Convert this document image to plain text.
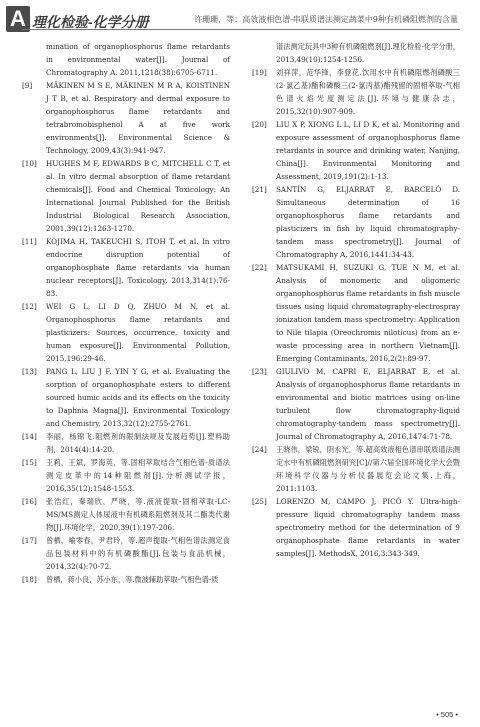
A 理化检验-化学分册	许珊珊，等：高效液相色谱-串联质谱法测定蔬菜中9种有机磷阻燃剂的含量
mination of organophosphorus flame retardants in environmental water[J]. Journal of Chromatography A, 2011,1218(38):6705-6711.
[9]	MÄKINEN M S E, MÄKINEN M R A, KOISTINEN J T B, et al. Respiratory and dermal exposure to organophosphorus flame retardants and tetrabromobisphenol A at five work environments[J]. Environmental Science & Technology, 2009,43(3):941-947.
[10]	HUGHES M F, EDWARDS B C, MITCHELL C T, et al. In vitro dermal absorption of flame retardant chemicals[J]. Food and Chemical Toxicology: An International Journal Published for the British Industrial Biological Research Association, 2001,39(12):1263-1270.
[11]	KOJIMA H, TAKEUCHI S, ITOH T, et al. In vitro endocrine disruption potential of organophosphate flame retardants via human nuclear receptors[J]. Toxicology, 2013,314(1):76-83.
[12]	WEI G L, LI D Q, ZHUO M N, et al. Organophosphorus flame retardants and plasticizers: Sources, occurrence, toxicity and human exposure[J]. Environmental Pollution, 2015,196:29-46.
[13]	PANG L, LIU J F, YIN Y G, et al. Evaluating the sorption of organophosphate esters to different sourced humic acids and its effects on the toxicity to Daphnia Magna[J]. Environmental Toxicology and Chemistry, 2013,32(12):2755-2761.
[14]	李丽，杨锦飞.阻燃剂的限制法规及发展趋势[J].塑料助剂，2014(4):14-20.
[15]	王莉，王斌，罗海英，等.固相萃取结合气相色谱-质谱法测定皮革中的14种阻燃剂[J].分析测试学报，2016,35(12):1548-1553.
[16]	张浩红，秦瑞欣，严晓，等.液液提取-固相萃取-LC-MS/MS测定人体尿液中有机磷系阻燃剂及其二酯类代谢物[J].环境化学，2020,39(1):197-206.
[17]	曾栖，喻零春，尹君玲，等.超声提取-气相色谱法测定食品包装材料中的有机磷酸酯[J].包装与食品机械，2014,32(4):70-72.
[18]	曾栖，蒋小良，苏小东，等.微波辅助萃取-气相色谱-质
谱法测定玩具中3种有机磷阻燃剂[J].理化检验-化学分册，2013,49(10):1254-1256.
[19]	刘祥萍，范华锋，李登花.饮用水中有机磷阻燃剂磷酸三(2-氯乙基)酯和磷酸三(2-氯丙基)酯残留的固相萃取-气相色谱火焰光度测定法[J].环境与健康杂志，2015,32(10):907-909.
[20]	LIU X P, XIONG L L, LI D K, et al. Monitoring and exposure assessment of organophosphorus flame retardants in source and drinking water, Nanjing, China[J]. Environmental Monitoring and Assessment, 2019,191(2):1-13.
[21]	SANTÍN G, ELJARRAT E, BARCELÓ D. Simultaneous determination of 16 organophosphorus flame retardants and plasticizers in fish by liquid chromatography-tandem mass spectrometry[J]. Journal of Chromatography A, 2016,1441:34-43.
[22]	MATSUKAMI H, SUZUKI G, TUE N M, et al. Analysis of monomeric and oligomeric organophosphorus flame retardants in fish muscle tissues using liquid chromatography-electrospray ionization tandem mass spectrometry: Application to Nile tilapia (Oreochromis niloticus) from an e-waste processing area in northern Vietnam[J]. Emerging Contaminants, 2016,2(2):89-97.
[23]	GIULIVO M, CAPRI E, ELJARRAT E, et al. Analysis of organophosphorus flame retardants in environmental and biotic matrices using on-line turbulent flow chromatography-liquid chromatography-tandem mass spectrometry[J]. Journal of Chromatography A, 2016,1474:71-78.
[24]	王晓伟，梁锐，阴永光，等.超高效液相色谱串联质谱法测定水中有机磷阻燃剂研究[C]//第六届全国环境化学大会暨环境科学仪器与分析仪器展览会论文集.上海，2011:1103.
[25]	LORENZO M, CAMPO J, PICÓ Y. Ultra-high-pressure liquid chromatography tandem mass spectrometry method for the determination of 9 organophosphate flame retardants in water samples[J]. MethodsX, 2016,3:343-349.
• 505 •
